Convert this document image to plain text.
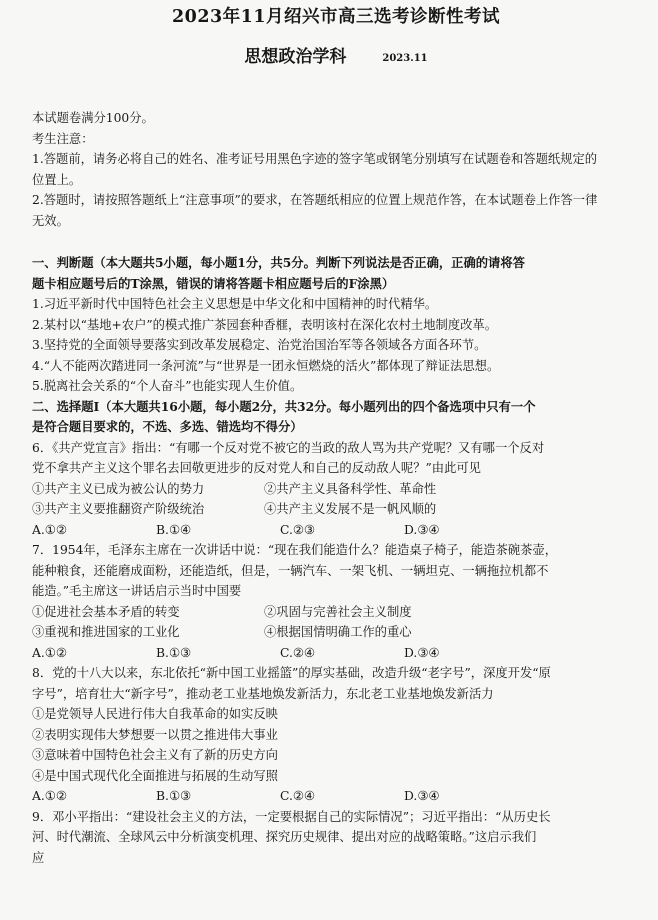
2023年11月绍兴市高三选考诊断性考试
思想政治学科	2023.11

本试题卷满分100分。

考生注意：

1.答题前，请务必将自己的姓名、准考证号用黑色字迹的签字笔或钢笔分别填写在试题卷和答题纸规定的

位置上。

2.答题时，请按照答题纸上“注意事项”的要求，在答题纸相应的位置上规范作答，在本试题卷上作答一律

无效。

一、判断题（本大题共5小题，每小题1分，共5分。判断下列说法是否正确，正确的请将答

题卡相应题号后的T涂黑，错误的请将答题卡相应题号后的F涂黑）

1.习近平新时代中国特色社会主义思想是中华文化和中国精神的时代精华。

2.某村以“基地+农户”的模式推广茶园套种香榧，表明该村在深化农村土地制度改革。

3.坚持党的全面领导要落实到改革发展稳定、治党治国治军等各领域各方面各环节。

4.“人不能两次踏进同一条河流”与“世界是一团永恒燃烧的活火”都体现了辩证法思想。

5.脱离社会关系的“个人奋斗”也能实现人生价值。

二、选择题Ⅰ（本大题共16小题，每小题2分，共32分。每小题列出的四个备选项中只有一个

是符合题目要求的，不选、多选、错选均不得分）

6．《共产党宣言》指出：“有哪一个反对党不被它的当政的敌人骂为共产党呢？又有哪一个反对

党不拿共产主义这个罪名去回敬更进步的反对党人和自己的反动敌人呢？”由此可见

①共产主义已成为被公认的势力	②共产主义具备科学性、革命性
③共产主义要推翻资产阶级统治	④共产主义发展不是一帆风顺的
A.①②	B.①④	C.②③	D.③④

7．1954年，毛泽东主席在一次讲话中说：“现在我们能造什么？能造桌子椅子，能造茶碗茶壶，

能种粮食，还能磨成面粉，还能造纸，但是，一辆汽车、一架飞机、一辆坦克、一辆拖拉机都不

能造。”毛主席这一讲话启示当时中国要

①促进社会基本矛盾的转变	②巩固与完善社会主义制度
③重视和推进国家的工业化	④根据国情明确工作的重心
A.①②	B.①③	C.②④	D.③④

8．党的十八大以来，东北依托“新中国工业摇篮”的厚实基础，改造升级“老字号”，深度开发“原

字号”，培育壮大“新字号”，推动老工业基地焕发新活力，东北老工业基地焕发新活力

①是党领导人民进行伟大自我革命的如实反映

②表明实现伟大梦想要一以贯之推进伟大事业

③意味着中国特色社会主义有了新的历史方向

④是中国式现代化全面推进与拓展的生动写照

A.①②	B.①③	C.②④	D.③④

9．邓小平指出：“建设社会主义的方法，一定要根据自己的实际情况”；习近平指出：“从历史长

河、时代潮流、全球风云中分析演变机理、探究历史规律、提出对应的战略策略。”这启示我们

应
